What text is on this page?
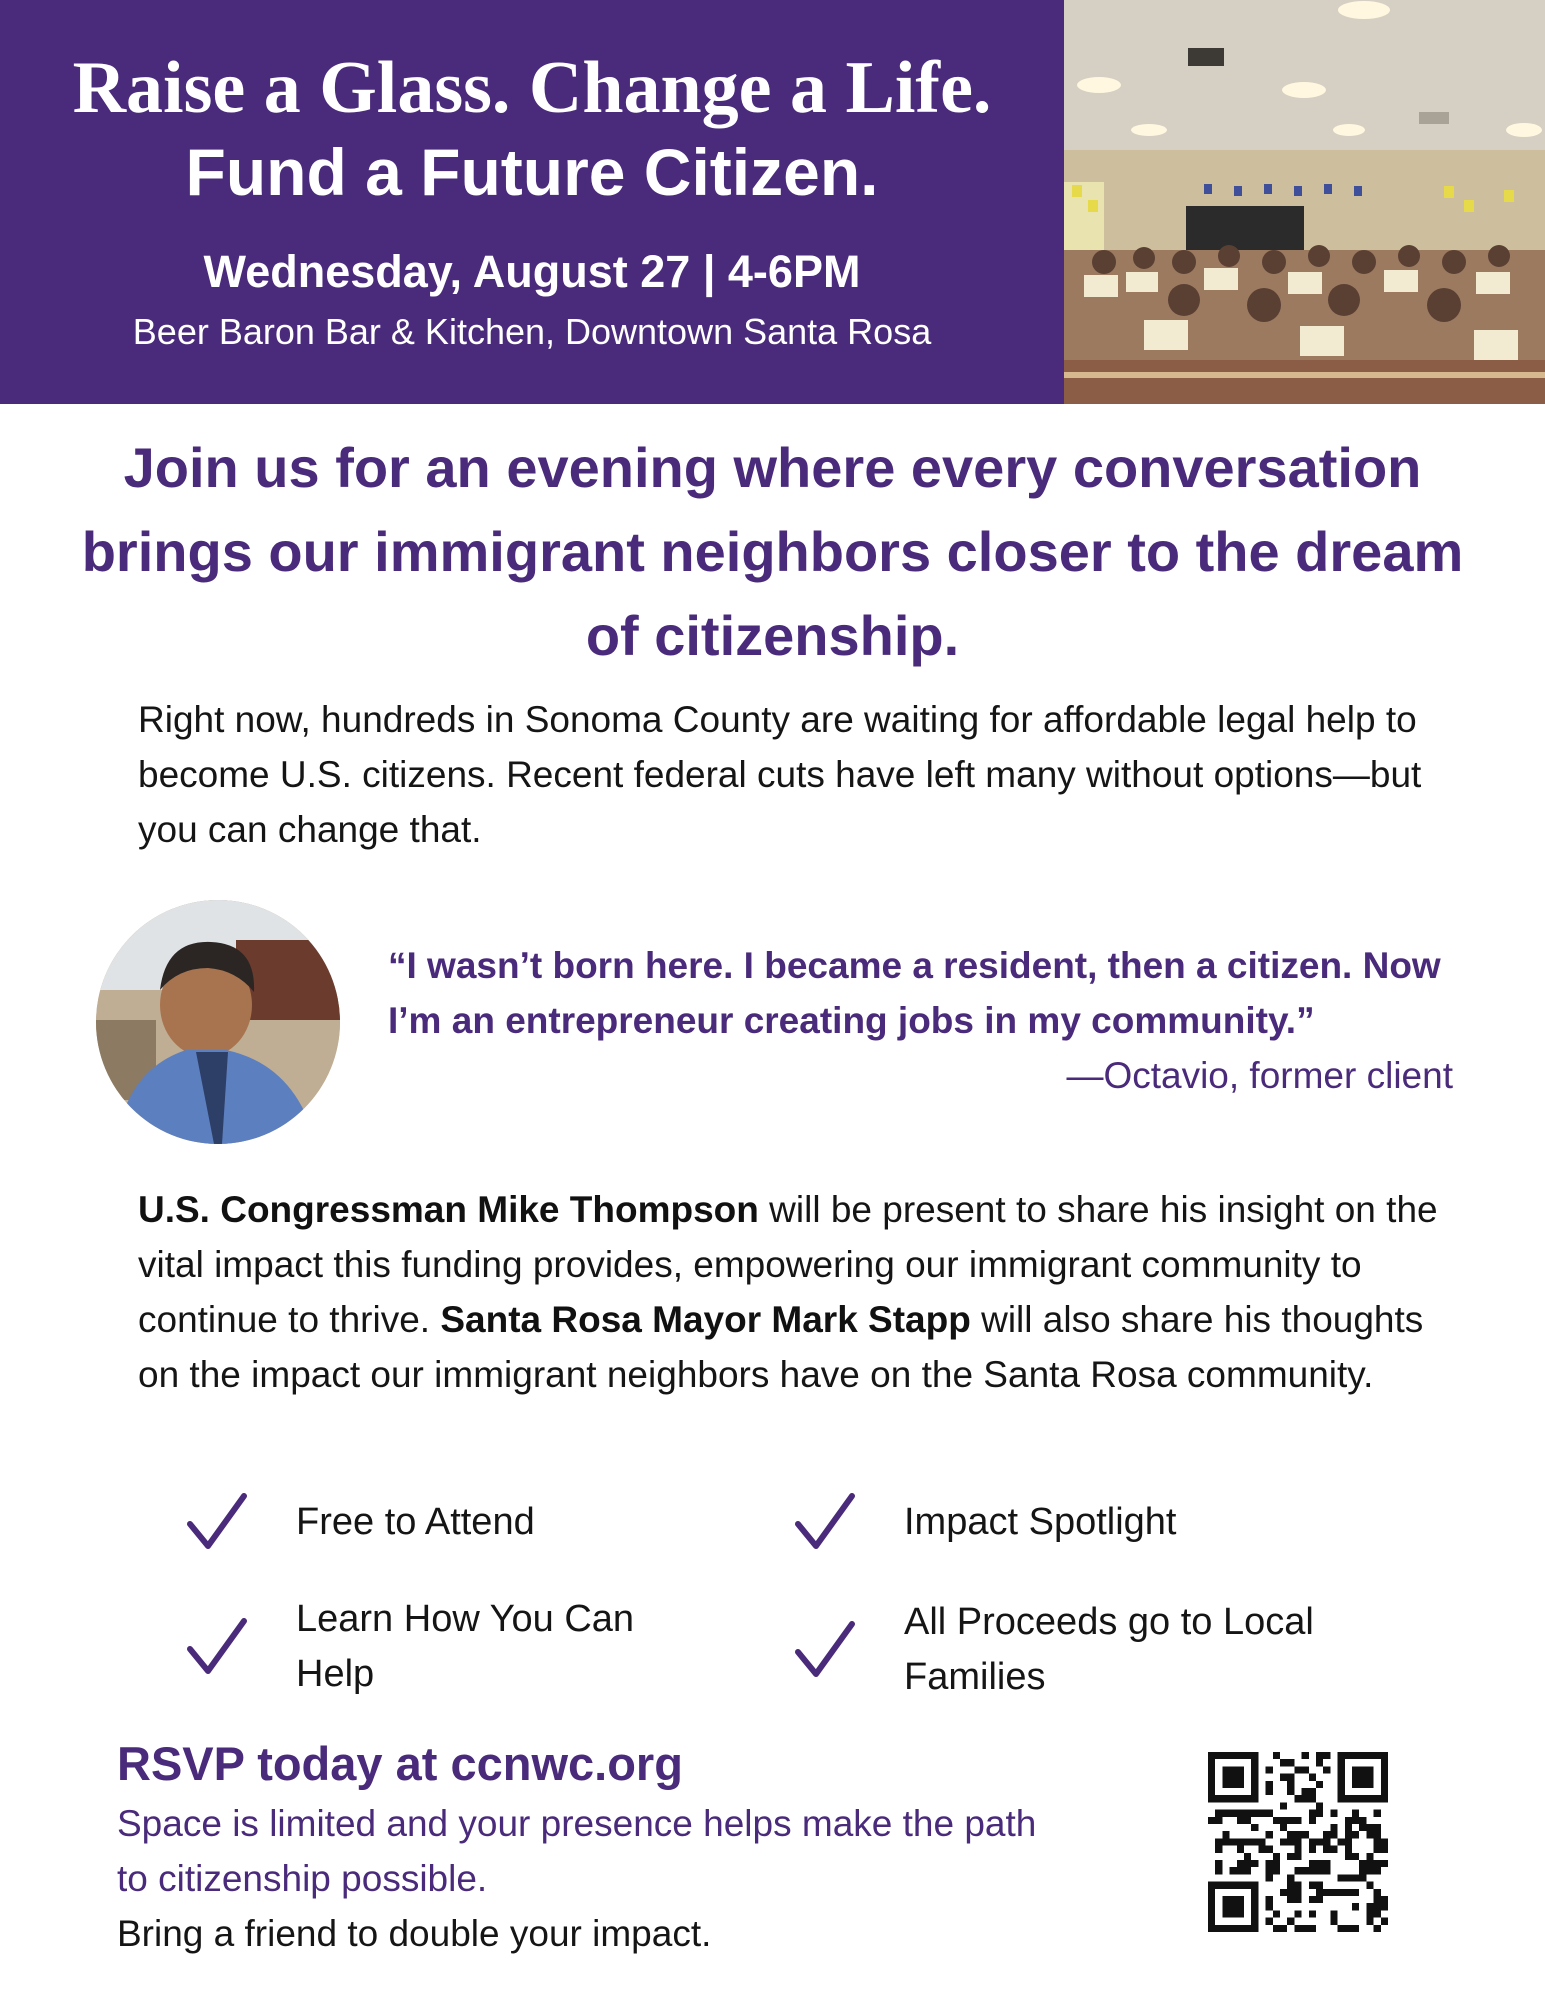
Raise a Glass. Change a Life.
Fund a Future Citizen.
Wednesday, August 27 | 4-6PM
Beer Baron Bar & Kitchen, Downtown Santa Rosa
Join us for an evening where every conversation brings our immigrant neighbors closer to the dream of citizenship.
Right now, hundreds in Sonoma County are waiting for affordable legal help to become U.S. citizens. Recent federal cuts have left many without options—but you can change that.
“I wasn’t born here. I became a resident, then a citizen. Now I’m an entrepreneur creating jobs in my community.”
—Octavio, former client
U.S. Congressman Mike Thompson will be present to share his insight on the vital impact this funding provides, empowering our immigrant community to continue to thrive. Santa Rosa Mayor Mark Stapp will also share his thoughts on the impact our immigrant neighbors have on the Santa Rosa community.
Free to Attend	Impact Spotlight
Learn How You Can Help
All Proceeds go to Local Families
RSVP today at ccnwc.org
Space is limited and your presence helps make the path to citizenship possible.
Bring a friend to double your impact.
